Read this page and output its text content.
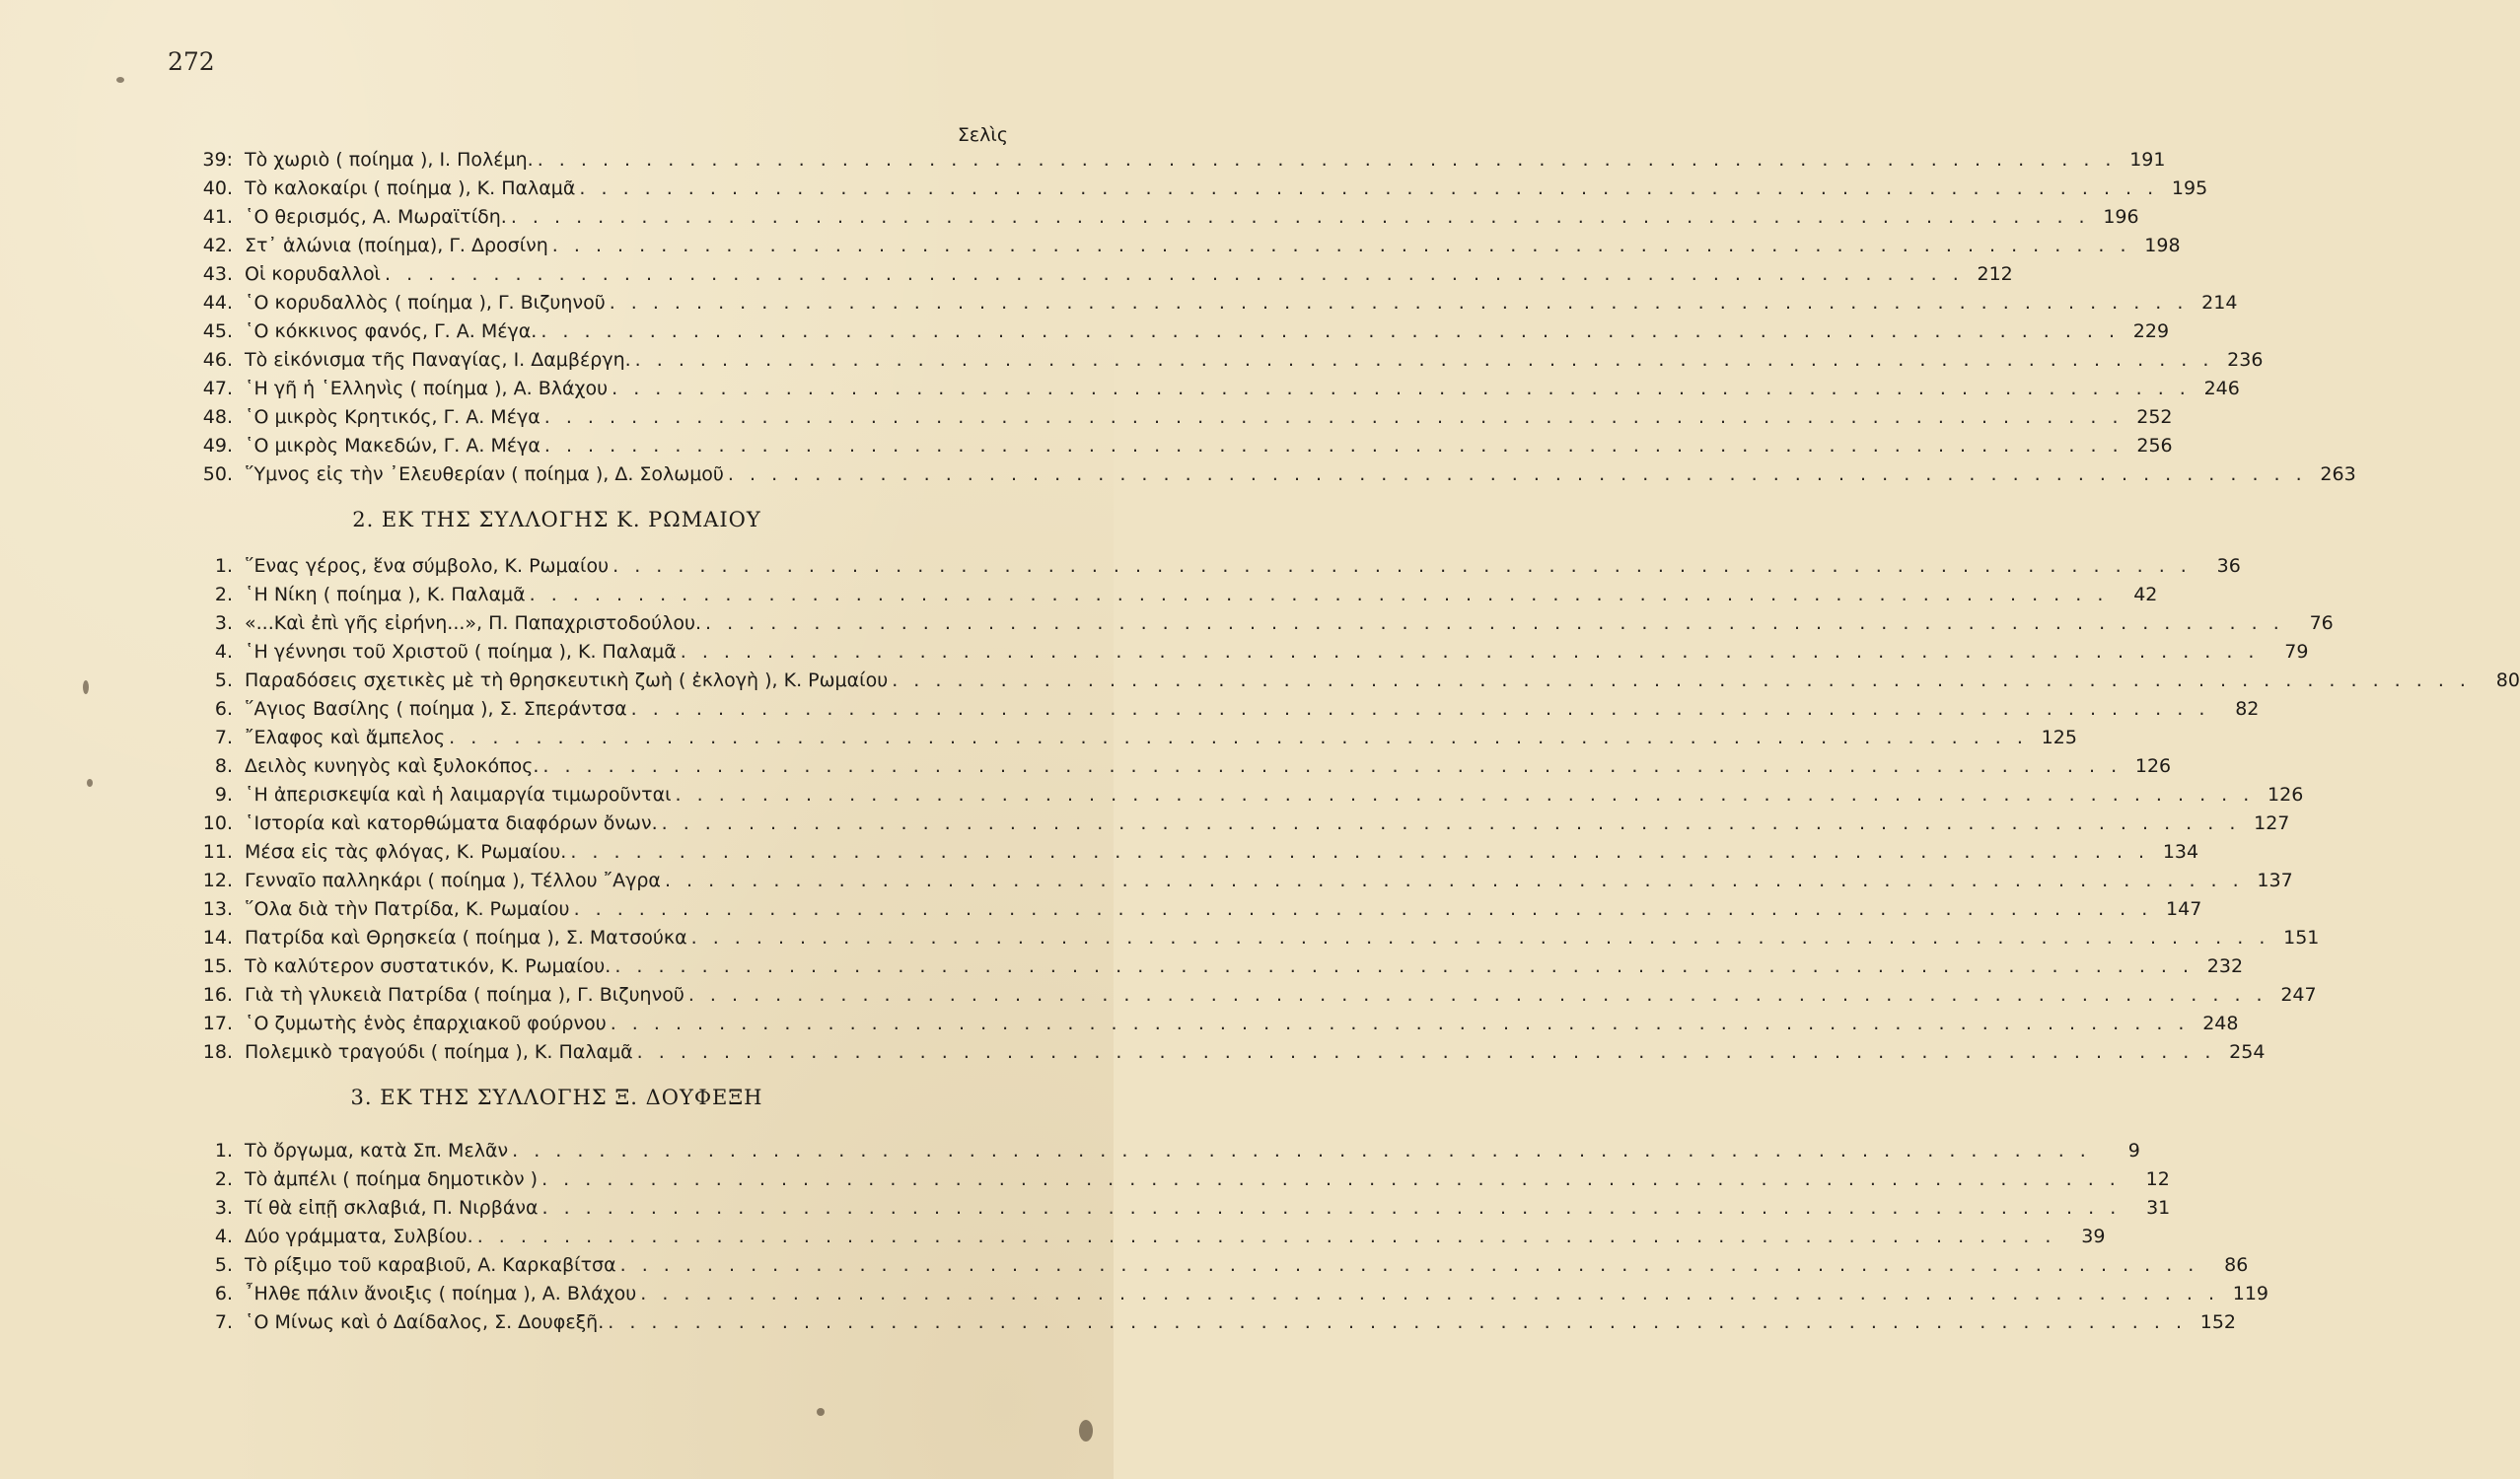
272
Σελὶς
39: Τὸ χωριὸ ( ποίημα ), Ι. Πολέμη. . . . . . . . . . . . . . . . . . . . . . . . . . . . . . . . . . . . . . . . . . . . . . . . . . . . . . . . . . . . . . . . . . . . . . . . . . 191
40. Τὸ καλοκαίρι ( ποίημα ), Κ. Παλαμᾶ . . . . . . . . . . . . . . . . . . . . . . . . . . . . . . . . . . . . . . . . . . . . . . . . . . . . . . . . . . . . . . . . . . . . . . . . . 195
41. ῾Ο θερισμός, Α. Μωραϊτίδη. . . . . . . . . . . . . . . . . . . . . . . . . . . . . . . . . . . . . . . . . . . . . . . . . . . . . . . . . . . . . . . . . . . . . . . . . . 196
42. Στ᾽ ἁλώνια (ποίημα), Γ. Δροσίνη . . . . . . . . . . . . . . . . . . . . . . . . . . . . . . . . . . . . . . . . . . . . . . . . . . . . . . . . . . . . . . . . . . . . . . . . . 198
43. Οἱ κορυδαλλοὶ . . . . . . . . . . . . . . . . . . . . . . . . . . . . . . . . . . . . . . . . . . . . . . . . . . . . . . . . . . . . . . . . . . . . . . . . . 212
44. ῾Ο κορυδαλλὸς ( ποίημα ), Γ. Βιζυηνοῦ . . . . . . . . . . . . . . . . . . . . . . . . . . . . . . . . . . . . . . . . . . . . . . . . . . . . . . . . . . . . . . . . . . . . . . . . . 214
45. ῾Ο κόκκινος φανός, Γ. Α. Μέγα. . . . . . . . . . . . . . . . . . . . . . . . . . . . . . . . . . . . . . . . . . . . . . . . . . . . . . . . . . . . . . . . . . . . . . . . . . 229
46. Τὸ εἰκόνισμα τῆς Παναγίας, Ι. Δαμβέργη. . . . . . . . . . . . . . . . . . . . . . . . . . . . . . . . . . . . . . . . . . . . . . . . . . . . . . . . . . . . . . . . . . . . . . . . . . 236
47. ῾Η γῆ ἡ ῾Ελληνὶς ( ποίημα ), Α. Βλάχου . . . . . . . . . . . . . . . . . . . . . . . . . . . . . . . . . . . . . . . . . . . . . . . . . . . . . . . . . . . . . . . . . . . . . . . . . 246
48. ῾Ο μικρὸς Κρητικός, Γ. Α. Μέγα . . . . . . . . . . . . . . . . . . . . . . . . . . . . . . . . . . . . . . . . . . . . . . . . . . . . . . . . . . . . . . . . . . . . . . . . . 252
49. ῾Ο μικρὸς Μακεδών, Γ. Α. Μέγα . . . . . . . . . . . . . . . . . . . . . . . . . . . . . . . . . . . . . . . . . . . . . . . . . . . . . . . . . . . . . . . . . . . . . . . . . 256
50. ῞Υμνος εἰς τὴν ᾿Ελευθερίαν ( ποίημα ), Δ. Σολωμοῦ . . . . . . . . . . . . . . . . . . . . . . . . . . . . . . . . . . . . . . . . . . . . . . . . . . . . . . . . . . . . . . . . . . . . . . . . . 263
2. ΕΚ ΤΗΣ ΣΥΛΛΟΓΗΣ Κ. ΡΩΜΑΙΟΥ
1. ῞Ενας γέρος, ἕνα σύμβολο, Κ. Ρωμαίου . . . . . . . . . . . . . . . . . . . . . . . . . . . . . . . . . . . . . . . . . . . . . . . . . . . . . . . . . . . . . . . . . . . . . . . . .	36
2. ῾Η Νίκη ( ποίημα ), Κ. Παλαμᾶ . . . . . . . . . . . . . . . . . . . . . . . . . . . . . . . . . . . . . . . . . . . . . . . . . . . . . . . . . . . . . . . . . . . . . . . . .	42
3. «...Καὶ ἐπὶ γῆς εἰρήνη...», Π. Παπαχριστοδούλου. . . . . . . . . . . . . . . . . . . . . . . . . . . . . . . . . . . . . . . . . . . . . . . . . . . . . . . . . . . . . . . . . . . . . . . . . .	76
4. ῾Η γέννησι τοῦ Χριστοῦ ( ποίημα ), Κ. Παλαμᾶ . . . . . . . . . . . . . . . . . . . . . . . . . . . . . . . . . . . . . . . . . . . . . . . . . . . . . . . . . . . . . . . . . . . . . . . . .	79
5. Παραδόσεις σχετικὲς μὲ τὴ θρησκευτικὴ ζωὴ ( ἐκλογὴ ), Κ. Ρωμαίου . . . . . . . . . . . . . . . . . . . . . . . . . . . . . . . . . . . . . . . . . . . . . . . . . . . . . . . . . . . . . . . . . . . . . . . . .	80
6. ῞Αγιος Βασίλης ( ποίημα ), Σ. Σπεράντσα . . . . . . . . . . . . . . . . . . . . . . . . . . . . . . . . . . . . . . . . . . . . . . . . . . . . . . . . . . . . . . . . . . . . . . . . .	82
7. ῎Ελαφος καὶ ἄμπελος . . . . . . . . . . . . . . . . . . . . . . . . . . . . . . . . . . . . . . . . . . . . . . . . . . . . . . . . . . . . . . . . . . . . . . . . . 125
8. Δειλὸς κυνηγὸς καὶ ξυλοκόπος. . . . . . . . . . . . . . . . . . . . . . . . . . . . . . . . . . . . . . . . . . . . . . . . . . . . . . . . . . . . . . . . . . . . . . . . . . 126
9. ῾Η ἀπερισκεψία καὶ ἡ λαιμαργία τιμωροῦνται . . . . . . . . . . . . . . . . . . . . . . . . . . . . . . . . . . . . . . . . . . . . . . . . . . . . . . . . . . . . . . . . . . . . . . . . . 126
10. ῾Ιστορία καὶ κατορθώματα διαφόρων ὄνων. . . . . . . . . . . . . . . . . . . . . . . . . . . . . . . . . . . . . . . . . . . . . . . . . . . . . . . . . . . . . . . . . . . . . . . . . . 127
11. Μέσα εἰς τὰς φλόγας, Κ. Ρωμαίου. . . . . . . . . . . . . . . . . . . . . . . . . . . . . . . . . . . . . . . . . . . . . . . . . . . . . . . . . . . . . . . . . . . . . . . . . . 134
12. Γενναῖο παλληκάρι ( ποίημα ), Τέλλου ῎Αγρα . . . . . . . . . . . . . . . . . . . . . . . . . . . . . . . . . . . . . . . . . . . . . . . . . . . . . . . . . . . . . . . . . . . . . . . . . 137
13. ῞Ολα διὰ τὴν Πατρίδα, Κ. Ρωμαίου . . . . . . . . . . . . . . . . . . . . . . . . . . . . . . . . . . . . . . . . . . . . . . . . . . . . . . . . . . . . . . . . . . . . . . . . . 147
14. Πατρίδα καὶ Θρησκεία ( ποίημα ), Σ. Ματσούκα . . . . . . . . . . . . . . . . . . . . . . . . . . . . . . . . . . . . . . . . . . . . . . . . . . . . . . . . . . . . . . . . . . . . . . . . . 151
15. Τὸ καλύτερον συστατικόν, Κ. Ρωμαίου. . . . . . . . . . . . . . . . . . . . . . . . . . . . . . . . . . . . . . . . . . . . . . . . . . . . . . . . . . . . . . . . . . . . . . . . . . 232
16. Γιὰ τὴ γλυκειὰ Πατρίδα ( ποίημα ), Γ. Βιζυηνοῦ . . . . . . . . . . . . . . . . . . . . . . . . . . . . . . . . . . . . . . . . . . . . . . . . . . . . . . . . . . . . . . . . . . . . . . . . . 247
17. ῾Ο ζυμωτὴς ἑνὸς ἐπαρχιακοῦ φούρνου . . . . . . . . . . . . . . . . . . . . . . . . . . . . . . . . . . . . . . . . . . . . . . . . . . . . . . . . . . . . . . . . . . . . . . . . . 248
18. Πολεμικὸ τραγούδι ( ποίημα ), Κ. Παλαμᾶ . . . . . . . . . . . . . . . . . . . . . . . . . . . . . . . . . . . . . . . . . . . . . . . . . . . . . . . . . . . . . . . . . . . . . . . . . 254
3. ΕΚ ΤΗΣ ΣΥΛΛΟΓΗΣ Ξ. ΔΟΥΦΕΞΗ
1. Τὸ ὄργωμα, κατὰ Σπ. Μελᾶν . . . . . . . . . . . . . . . . . . . . . . . . . . . . . . . . . . . . . . . . . . . . . . . . . . . . . . . . . . . . . . . . . . . . . . . . .	9
2. Τὸ ἀμπέλι ( ποίημα δημοτικὸν ) . . . . . . . . . . . . . . . . . . . . . . . . . . . . . . . . . . . . . . . . . . . . . . . . . . . . . . . . . . . . . . . . . . . . . . . . .	12
3. Τί θὰ εἰπῇ σκλαβιά, Π. Νιρβάνα . . . . . . . . . . . . . . . . . . . . . . . . . . . . . . . . . . . . . . . . . . . . . . . . . . . . . . . . . . . . . . . . . . . . . . . . .	31
4. Δύο γράμματα, Συλβίου. . . . . . . . . . . . . . . . . . . . . . . . . . . . . . . . . . . . . . . . . . . . . . . . . . . . . . . . . . . . . . . . . . . . . . . . . .	39
5. Τὸ ρίξιμο τοῦ καραβιοῦ, Α. Καρκαβίτσα . . . . . . . . . . . . . . . . . . . . . . . . . . . . . . . . . . . . . . . . . . . . . . . . . . . . . . . . . . . . . . . . . . . . . . . . .	86
6. ῏Ηλθε πάλιν ἄνοιξις ( ποίημα ), Α. Βλάχου . . . . . . . . . . . . . . . . . . . . . . . . . . . . . . . . . . . . . . . . . . . . . . . . . . . . . . . . . . . . . . . . . . . . . . . . . 119
7. ῾Ο Μίνως καὶ ὁ Δαίδαλος, Σ. Δουφεξῆ. . . . . . . . . . . . . . . . . . . . . . . . . . . . . . . . . . . . . . . . . . . . . . . . . . . . . . . . . . . . . . . . . . . . . . . . . . 152
